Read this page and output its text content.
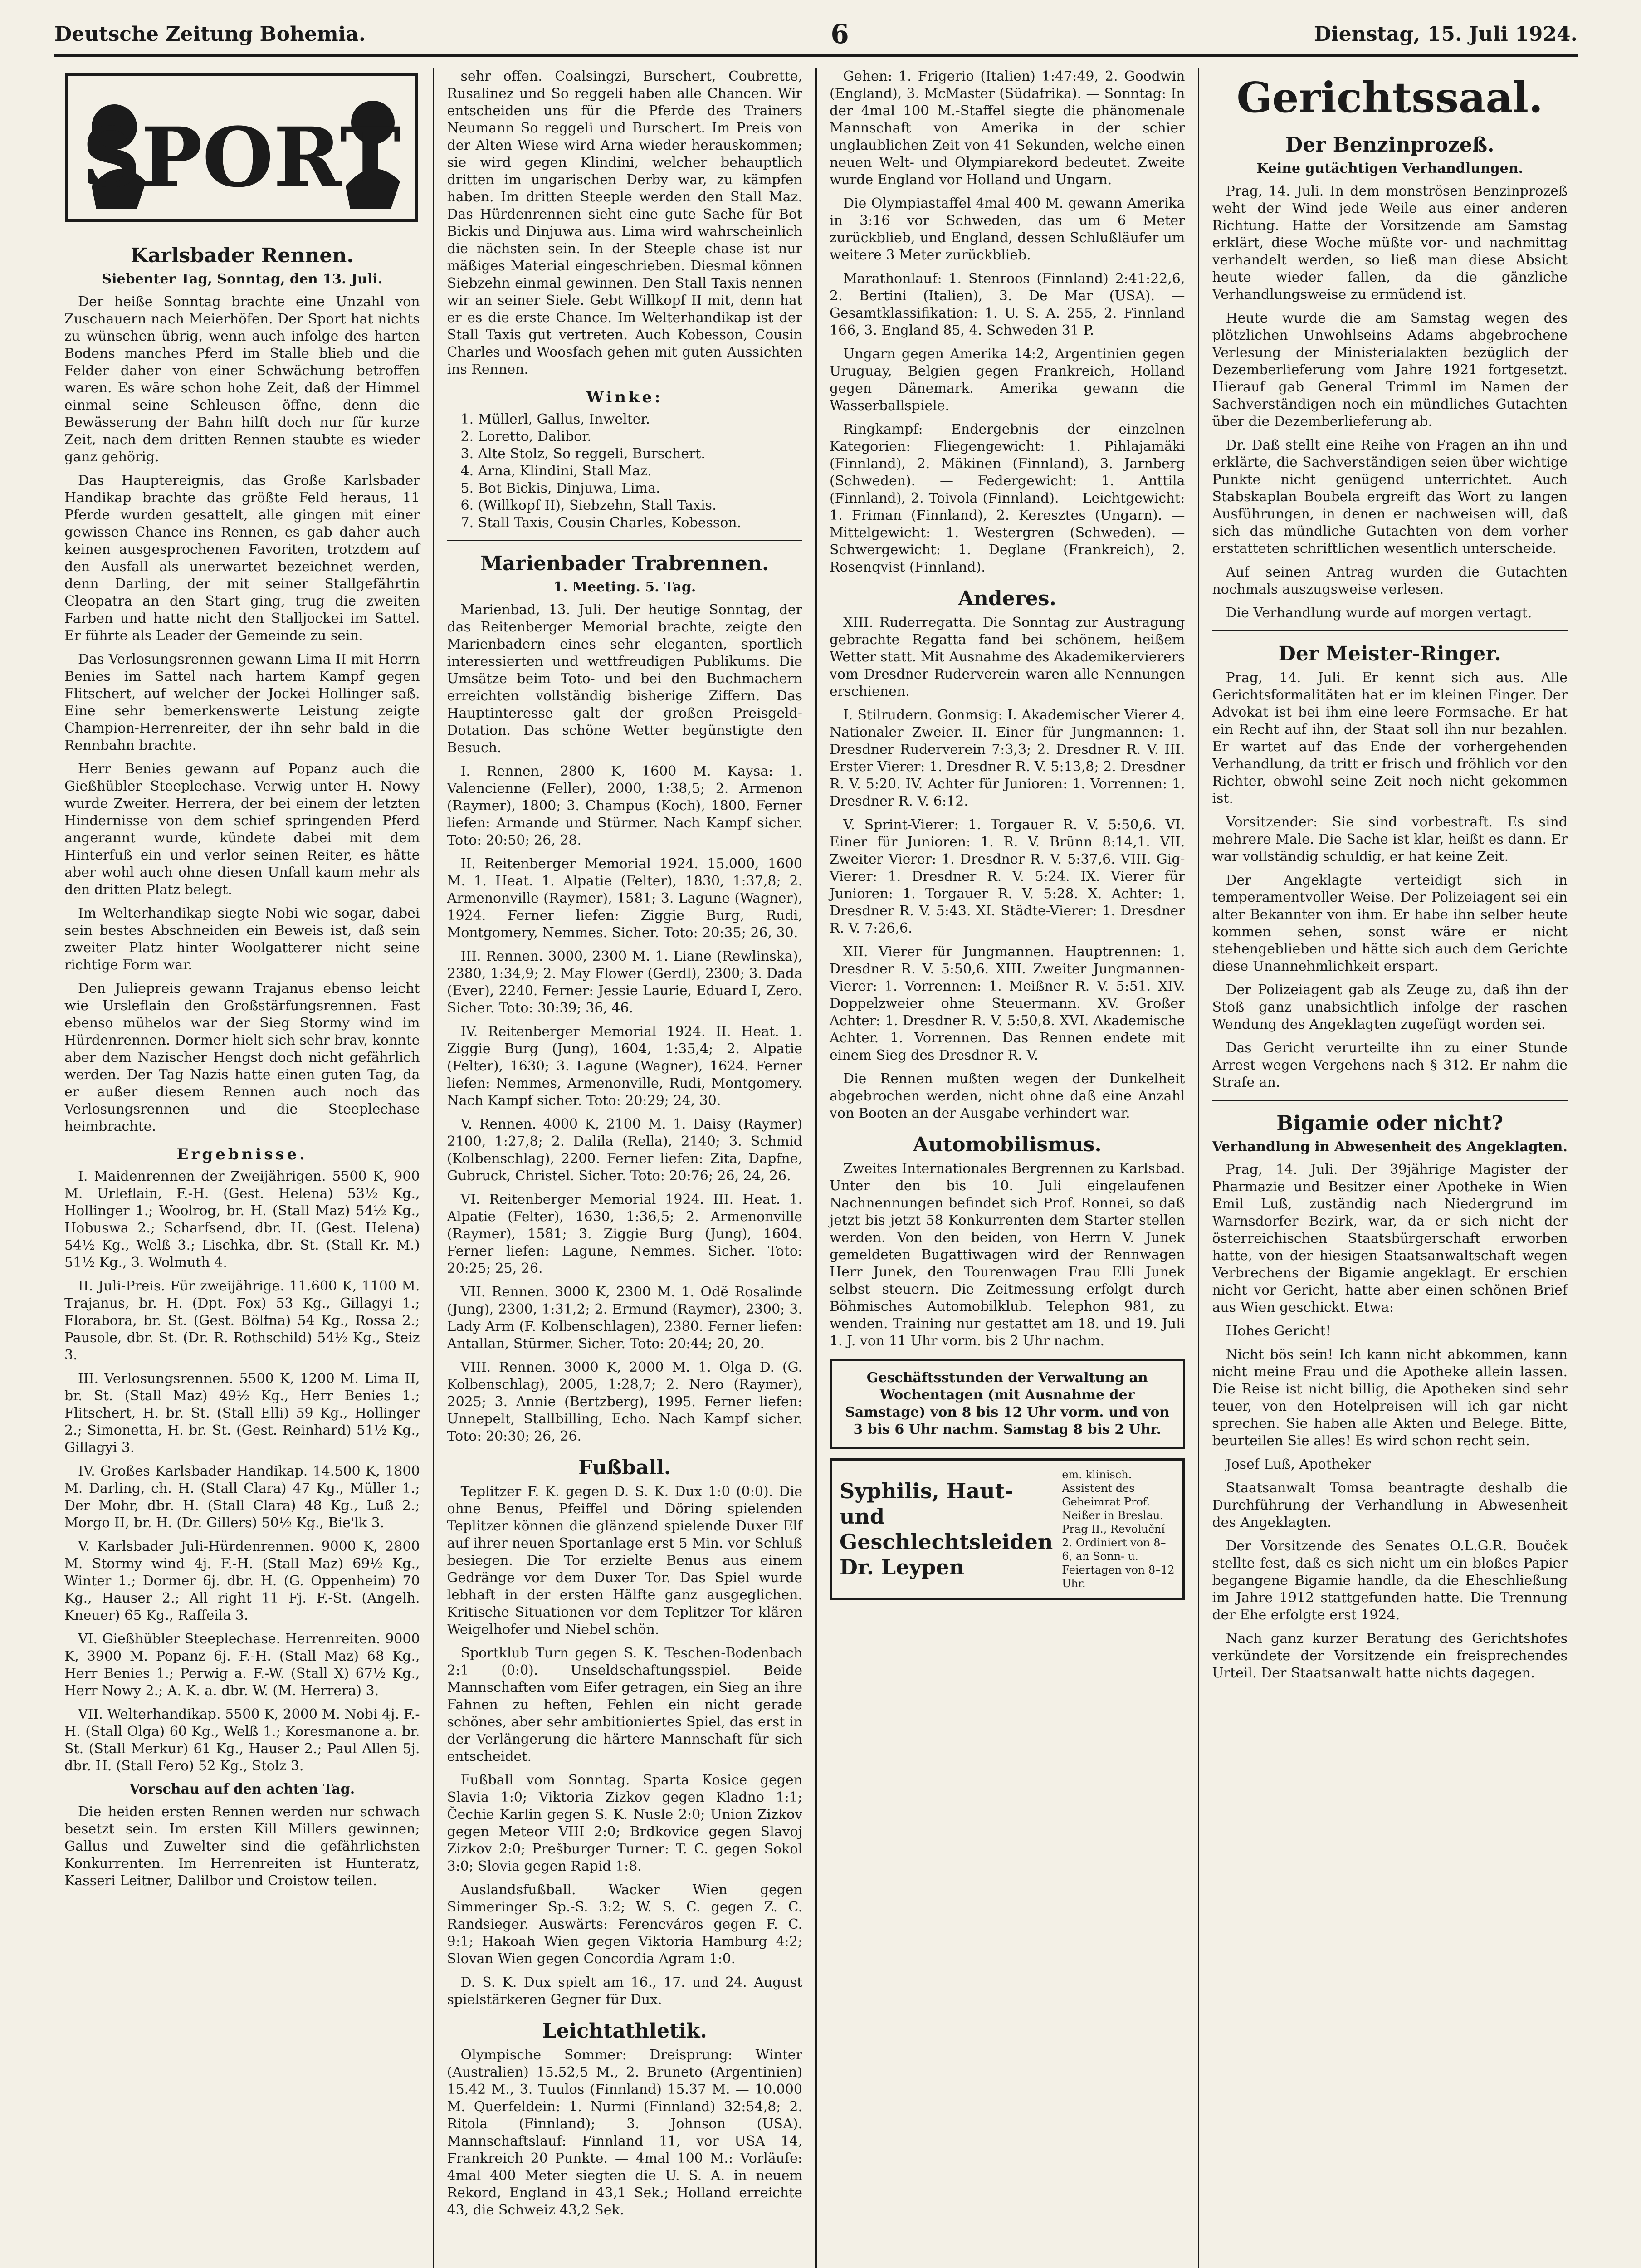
Deutsche Zeitung Bohemia.	6	Dienstag, 15. Juli 1924.
SPORT
Karlsbader Rennen.
Siebenter Tag, Sonntag, den 13. Juli.

Der heiße Sonntag brachte eine Unzahl von Zuschauern nach Meierhöfen. Der Sport hat nichts zu wünschen übrig, wenn auch infolge des harten Bodens manches Pferd im Stalle blieb und die Felder daher von einer Schwächung betroffen waren. Es wäre schon hohe Zeit, daß der Himmel einmal seine Schleusen öffne, denn die Bewässerung der Bahn hilft doch nur für kurze Zeit, nach dem dritten Rennen staubte es wieder ganz gehörig.

Das Hauptereignis, das Große Karlsbader Handikap brachte das größte Feld heraus, 11 Pferde wurden gesattelt, alle gingen mit einer gewissen Chance ins Rennen, es gab daher auch keinen ausgesprochenen Favoriten, trotzdem auf den Ausfall als unerwartet bezeichnet werden, denn Darling, der mit seiner Stallgefährtin Cleopatra an den Start ging, trug die zweiten Farben und hatte nicht den Stalljockei im Sattel. Er führte als Leader der Gemeinde zu sein.

Das Verlosungsrennen gewann Lima II mit Herrn Benies im Sattel nach hartem Kampf gegen Flitschert, auf welcher der Jockei Hollinger saß. Eine sehr bemerkenswerte Leistung zeigte Champion-Herrenreiter, der ihn sehr bald in die Rennbahn brachte.

Herr Benies gewann auf Popanz auch die Gießhübler Steeplechase. Verwig unter H. Nowy wurde Zweiter. Herrera, der bei einem der letzten Hindernisse von dem schief springenden Pferd angerannt wurde, kündete dabei mit dem Hinterfuß ein und verlor seinen Reiter, es hätte aber wohl auch ohne diesen Unfall kaum mehr als den dritten Platz belegt.

Im Welterhandikap siegte Nobi wie sogar, dabei sein bestes Abschneiden ein Beweis ist, daß sein zweiter Platz hinter Woolgatterer nicht seine richtige Form war.

Den Juliepreis gewann Trajanus ebenso leicht wie Ursleflain den Großstärfungsrennen. Fast ebenso mühelos war der Sieg Stormy wind im Hürdenrennen. Dormer hielt sich sehr brav, konnte aber dem Nazischer Hengst doch nicht gefährlich werden. Der Tag Nazis hatte einen guten Tag, da er außer diesem Rennen auch noch das Verlosungsrennen und die Steeplechase heimbrachte.

Ergebnisse.

I. Maidenrennen der Zweijährigen. 5500 K, 900 M. Urleflain, F.-H. (Gest. Helena) 53½ Kg., Hollinger 1.; Woolrog, br. H. (Stall Maz) 54½ Kg., Hobuswa 2.; Scharfsend, dbr. H. (Gest. Helena) 54½ Kg., Welß 3.; Lischka, dbr. St. (Stall Kr. M.) 51½ Kg., 3. Wolmuth 4.

II. Juli-Preis. Für zweijährige. 11.600 K, 1100 M. Trajanus, br. H. (Dpt. Fox) 53 Kg., Gillagyi 1.; Florabora, br. St. (Gest. Bölfna) 54 Kg., Rossa 2.; Pausole, dbr. St. (Dr. R. Rothschild) 54½ Kg., Steiz 3.

III. Verlosungsrennen. 5500 K, 1200 M. Lima II, br. St. (Stall Maz) 49½ Kg., Herr Benies 1.; Flitschert, H. br. St. (Stall Elli) 59 Kg., Hollinger 2.; Simonetta, H. br. St. (Gest. Reinhard) 51½ Kg., Gillagyi 3.

IV. Großes Karlsbader Handikap. 14.500 K, 1800 M. Darling, ch. H. (Stall Clara) 47 Kg., Müller 1.; Der Mohr, dbr. H. (Stall Clara) 48 Kg., Luß 2.; Morgo II, br. H. (Dr. Gillers) 50½ Kg., Bie'lk 3.

V. Karlsbader Juli-Hürdenrennen. 9000 K, 2800 M. Stormy wind 4j. F.-H. (Stall Maz) 69½ Kg., Winter 1.; Dormer 6j. dbr. H. (G. Oppenheim) 70 Kg., Hauser 2.; All right 11 Fj. F.-St. (Angelh. Kneuer) 65 Kg., Raffeila 3.

VI. Gießhübler Steeplechase. Herrenreiten. 9000 K, 3900 M. Popanz 6j. F.-H. (Stall Maz) 68 Kg., Herr Benies 1.; Perwig a. F.-W. (Stall X) 67½ Kg., Herr Nowy 2.; A. K. a. dbr. W. (M. Herrera) 3.

VII. Welterhandikap. 5500 K, 2000 M. Nobi 4j. F.-H. (Stall Olga) 60 Kg., Welß 1.; Koresmanone a. br. St. (Stall Merkur) 61 Kg., Hauser 2.; Paul Allen 5j. dbr. H. (Stall Fero) 52 Kg., Stolz 3.

Vorschau auf den achten Tag.

Die heiden ersten Rennen werden nur schwach besetzt sein. Im ersten Kill Millers gewinnen; Gallus und Zuwelter sind die gefährlichsten Konkurrenten. Im Herrenreiten ist Hunteratz, Kasseri Leitner, Dalilbor und Croistow teilen.

sehr offen. Coalsingzi, Burschert, Coubrette, Rusalinez und So reggeli haben alle Chancen. Wir entscheiden uns für die Pferde des Trainers Neumann So reggeli und Burschert. Im Preis von der Alten Wiese wird Arna wieder herauskommen; sie wird gegen Klindini, welcher behauptlich dritten im ungarischen Derby war, zu kämpfen haben. Im dritten Steeple werden den Stall Maz. Das Hürdenrennen sieht eine gute Sache für Bot Bickis und Dinjuwa aus. Lima wird wahrscheinlich die nächsten sein. In der Steeple chase ist nur mäßiges Material eingeschrieben. Diesmal können Siebzehn einmal gewinnen. Den Stall Taxis nennen wir an seiner Siele. Gebt Willkopf II mit, denn hat er es die erste Chance. Im Welterhandikap ist der Stall Taxis gut vertreten. Auch Kobesson, Cousin Charles und Woosfach gehen mit guten Aussichten ins Rennen.

Winke:
1. Müllerl, Gallus, Inwelter.
2. Loretto, Dalibor.
3. Alte Stolz, So reggeli, Burschert.
4. Arna, Klindini, Stall Maz.
5. Bot Bickis, Dinjuwa, Lima.
6. (Willkopf II), Siebzehn, Stall Taxis.
7. Stall Taxis, Cousin Charles, Kobesson.
Marienbader Trabrennen.
1. Meeting. 5. Tag.

Marienbad, 13. Juli. Der heutige Sonntag, der das Reitenberger Memorial brachte, zeigte den Marienbadern eines sehr eleganten, sportlich interessierten und wettfreudigen Publikums. Die Umsätze beim Toto- und bei den Buchmachern erreichten vollständig bisherige Ziffern. Das Hauptinteresse galt der großen Preisgeld-Dotation. Das schöne Wetter begünstigte den Besuch.

I. Rennen, 2800 K, 1600 M. Kaysa: 1. Valencienne (Feller), 2000, 1:38,5; 2. Armenon (Raymer), 1800; 3. Champus (Koch), 1800. Ferner liefen: Armande und Stürmer. Nach Kampf sicher. Toto: 20:50; 26, 28.

II. Reitenberger Memorial 1924. 15.000, 1600 M. 1. Heat. 1. Alpatie (Felter), 1830, 1:37,8; 2. Armenonville (Raymer), 1581; 3. Lagune (Wagner), 1924. Ferner liefen: Ziggie Burg, Rudi, Montgomery, Nemmes. Sicher. Toto: 20:35; 26, 30.

III. Rennen. 3000, 2300 M. 1. Liane (Rewlinska), 2380, 1:34,9; 2. May Flower (Gerdl), 2300; 3. Dada (Ever), 2240. Ferner: Jessie Laurie, Eduard I, Zero. Sicher. Toto: 30:39; 36, 46.

IV. Reitenberger Memorial 1924. II. Heat. 1. Ziggie Burg (Jung), 1604, 1:35,4; 2. Alpatie (Felter), 1630; 3. Lagune (Wagner), 1624. Ferner liefen: Nemmes, Armenonville, Rudi, Montgomery. Nach Kampf sicher. Toto: 20:29; 24, 30.

V. Rennen. 4000 K, 2100 M. 1. Daisy (Raymer) 2100, 1:27,8; 2. Dalila (Rella), 2140; 3. Schmid (Kolbenschlag), 2200. Ferner liefen: Zita, Dapfne, Gubruck, Christel. Sicher. Toto: 20:76; 26, 24, 26.

VI. Reitenberger Memorial 1924. III. Heat. 1. Alpatie (Felter), 1630, 1:36,5; 2. Armenonville (Raymer), 1581; 3. Ziggie Burg (Jung), 1604. Ferner liefen: Lagune, Nemmes. Sicher. Toto: 20:25; 25, 26.

VII. Rennen. 3000 K, 2300 M. 1. Odë Rosalinde (Jung), 2300, 1:31,2; 2. Ermund (Raymer), 2300; 3. Lady Arm (F. Kolbenschlagen), 2380. Ferner liefen: Antallan, Stürmer. Sicher. Toto: 20:44; 20, 20.

VIII. Rennen. 3000 K, 2000 M. 1. Olga D. (G. Kolbenschlag), 2005, 1:28,7; 2. Nero (Raymer), 2025; 3. Annie (Bertzberg), 1995. Ferner liefen: Unnepelt, Stallbilling, Echo. Nach Kampf sicher. Toto: 20:30; 26, 26.

Fußball.

Teplitzer F. K. gegen D. S. K. Dux 1:0 (0:0). Die ohne Benus, Pfeiffel und Döring spielenden Teplitzer können die glänzend spielende Duxer Elf auf ihrer neuen Sportanlage erst 5 Min. vor Schluß besiegen. Die Tor erzielte Benus aus einem Gedränge vor dem Duxer Tor. Das Spiel wurde lebhaft in der ersten Hälfte ganz ausgeglichen. Kritische Situationen vor dem Teplitzer Tor klären Weigelhofer und Niebel schön.

Sportklub Turn gegen S. K. Teschen-Bodenbach 2:1 (0:0). Unseldschaftungsspiel. Beide Mannschaften vom Eifer getragen, ein Sieg an ihre Fahnen zu heften, Fehlen ein nicht gerade schönes, aber sehr ambitioniertes Spiel, das erst in der Verlängerung die härtere Mannschaft für sich entscheidet.

Fußball vom Sonntag. Sparta Kosice gegen Slavia 1:0; Viktoria Zizkov gegen Kladno 1:1; Čechie Karlin gegen S. K. Nusle 2:0; Union Zizkov gegen Meteor VIII 2:0; Brdkovice gegen Slavoj Zizkov 2:0; Prešburger Turner: T. C. gegen Sokol 3:0; Slovia gegen Rapid 1:8.

Auslandsfußball. Wacker Wien gegen Simmeringer Sp.-S. 3:2; W. S. C. gegen Z. C. Randsieger. Auswärts: Ferencváros gegen F. C. 9:1; Hakoah Wien gegen Viktoria Hamburg 4:2; Slovan Wien gegen Concordia Agram 1:0.

D. S. K. Dux spielt am 16., 17. und 24. August spielstärkeren Gegner für Dux.

Leichtathletik.

Olympische Sommer: Dreisprung: Winter (Australien) 15.52,5 M., 2. Bruneto (Argentinien) 15.42 M., 3. Tuulos (Finnland) 15.37 M. — 10.000 M. Querfeldein: 1. Nurmi (Finnland) 32:54,8; 2. Ritola (Finnland); 3. Johnson (USA). Mannschaftslauf: Finnland 11, vor USA 14, Frankreich 20 Punkte. — 4mal 100 M.: Vorläufe: 4mal 400 Meter siegten die U. S. A. in neuem Rekord, England in 43,1 Sek.; Holland erreichte 43, die Schweiz 43,2 Sek.

Gehen: 1. Frigerio (Italien) 1:47:49, 2. Goodwin (England), 3. McMaster (Südafrika). — Sonntag: In der 4mal 100 M.-Staffel siegte die phänomenale Mannschaft von Amerika in der schier unglaublichen Zeit von 41 Sekunden, welche einen neuen Welt- und Olympiarekord bedeutet. Zweite wurde England vor Holland und Ungarn.

Die Olympiastaffel 4mal 400 M. gewann Amerika in 3:16 vor Schweden, das um 6 Meter zurückblieb, und England, dessen Schlußläufer um weitere 3 Meter zurückblieb.

Marathonlauf: 1. Stenroos (Finnland) 2:41:22,6, 2. Bertini (Italien), 3. De Mar (USA). — Gesamtklassifikation: 1. U. S. A. 255, 2. Finnland 166, 3. England 85, 4. Schweden 31 P.

Ungarn gegen Amerika 14:2, Argentinien gegen Uruguay, Belgien gegen Frankreich, Holland gegen Dänemark. Amerika gewann die Wasserballspiele.

Ringkampf: Endergebnis der einzelnen Kategorien: Fliegengewicht: 1. Pihlajamäki (Finnland), 2. Mäkinen (Finnland), 3. Jarnberg (Schweden). — Federgewicht: 1. Anttila (Finnland), 2. Toivola (Finnland). — Leichtgewicht: 1. Friman (Finnland), 2. Keresztes (Ungarn). — Mittelgewicht: 1. Westergren (Schweden). — Schwergewicht: 1. Deglane (Frankreich), 2. Rosenqvist (Finnland).

Anderes.

XIII. Ruderregatta. Die Sonntag zur Austragung gebrachte Regatta fand bei schönem, heißem Wetter statt. Mit Ausnahme des Akademikervierers vom Dresdner Ruderverein waren alle Nennungen erschienen.

I. Stilrudern. Gonmsig: I. Akademischer Vierer 4. Nationaler Zweier. II. Einer für Jungmannen: 1. Dresdner Ruderverein 7:3,3; 2. Dresdner R. V. III. Erster Vierer: 1. Dresdner R. V. 5:13,8; 2. Dresdner R. V. 5:20. IV. Achter für Junioren: 1. Vorrennen: 1. Dresdner R. V. 6:12.

V. Sprint-Vierer: 1. Torgauer R. V. 5:50,6. VI. Einer für Junioren: 1. R. V. Brünn 8:14,1. VII. Zweiter Vierer: 1. Dresdner R. V. 5:37,6. VIII. Gig-Vierer: 1. Dresdner R. V. 5:24. IX. Vierer für Junioren: 1. Torgauer R. V. 5:28. X. Achter: 1. Dresdner R. V. 5:43. XI. Städte-Vierer: 1. Dresdner R. V. 7:26,6.

XII. Vierer für Jungmannen. Hauptrennen: 1. Dresdner R. V. 5:50,6. XIII. Zweiter Jungmannen-Vierer: 1. Vorrennen: 1. Meißner R. V. 5:51. XIV. Doppelzweier ohne Steuermann. XV. Großer Achter: 1. Dresdner R. V. 5:50,8. XVI. Akademische Achter. 1. Vorrennen. Das Rennen endete mit einem Sieg des Dresdner R. V.

Die Rennen mußten wegen der Dunkelheit abgebrochen werden, nicht ohne daß eine Anzahl von Booten an der Ausgabe verhindert war.

Automobilismus.

Zweites Internationales Bergrennen zu Karlsbad. Unter den bis 10. Juli eingelaufenen Nachnennungen befindet sich Prof. Ronnei, so daß jetzt bis jetzt 58 Konkurrenten dem Starter stellen werden. Von den beiden, von Herrn V. Junek gemeldeten Bugattiwagen wird der Rennwagen Herr Junek, den Tourenwagen Frau Elli Junek selbst steuern. Die Zeitmessung erfolgt durch Böhmisches Automobilklub. Telephon 981, zu wenden. Training nur gestattet am 18. und 19. Juli 1. J. von 11 Uhr vorm. bis 2 Uhr nachm.

Geschäftsstunden der Verwaltung an Wochentagen (mit Ausnahme der Samstage) von 8 bis 12 Uhr vorm. und von 3 bis 6 Uhr nachm. Samstag 8 bis 2 Uhr.
Syphilis, Haut- und Geschlechtsleiden Dr. Leypen
em. klinisch. Assistent des Geheimrat Prof. Neißer in Breslau. Prag II., Revoluční 2. Ordiniert von 8–6, an Sonn- u. Feiertagen von 8–12 Uhr.
Gerichtssaal.
Der Benzinprozeß.
Keine gutächtigen Verhandlungen.

Prag, 14. Juli. In dem monströsen Benzinprozeß weht der Wind jede Weile aus einer anderen Richtung. Hatte der Vorsitzende am Samstag erklärt, diese Woche müßte vor- und nachmittag verhandelt werden, so ließ man diese Absicht heute wieder fallen, da die gänzliche Verhandlungsweise zu ermüdend ist.

Heute wurde die am Samstag wegen des plötzlichen Unwohlseins Adams abgebrochene Verlesung der Ministerialakten bezüglich der Dezemberlieferung vom Jahre 1921 fortgesetzt. Hierauf gab General Trimml im Namen der Sachverständigen noch ein mündliches Gutachten über die Dezemberlieferung ab.

Dr. Daß stellt eine Reihe von Fragen an ihn und erklärte, die Sachverständigen seien über wichtige Punkte nicht genügend unterrichtet. Auch Stabskaplan Boubela ergreift das Wort zu langen Ausführungen, in denen er nachweisen will, daß sich das mündliche Gutachten von dem vorher erstatteten schriftlichen wesentlich unterscheide.

Auf seinen Antrag wurden die Gutachten nochmals auszugsweise verlesen.

Die Verhandlung wurde auf morgen vertagt.

Der Meister-Ringer.

Prag, 14. Juli. Er kennt sich aus. Alle Gerichtsformalitäten hat er im kleinen Finger. Der Advokat ist bei ihm eine leere Formsache. Er hat ein Recht auf ihn, der Staat soll ihn nur bezahlen. Er wartet auf das Ende der vorhergehenden Verhandlung, da tritt er frisch und fröhlich vor den Richter, obwohl seine Zeit noch nicht gekommen ist.

Vorsitzender: Sie sind vorbestraft. Es sind mehrere Male. Die Sache ist klar, heißt es dann. Er war vollständig schuldig, er hat keine Zeit.

Der Angeklagte verteidigt sich in temperamentvoller Weise. Der Polizeiagent sei ein alter Bekannter von ihm. Er habe ihn selber heute kommen sehen, sonst wäre er nicht stehengeblieben und hätte sich auch dem Gerichte diese Unannehmlichkeit erspart.

Der Polizeiagent gab als Zeuge zu, daß ihn der Stoß ganz unabsichtlich infolge der raschen Wendung des Angeklagten zugefügt worden sei.

Das Gericht verurteilte ihn zu einer Stunde Arrest wegen Vergehens nach § 312. Er nahm die Strafe an.

Bigamie oder nicht?
Verhandlung in Abwesenheit des Angeklagten.

Prag, 14. Juli. Der 39jährige Magister der Pharmazie und Besitzer einer Apotheke in Wien Emil Luß, zuständig nach Niedergrund im Warnsdorfer Bezirk, war, da er sich nicht der österreichischen Staatsbürgerschaft erworben hatte, von der hiesigen Staatsanwaltschaft wegen Verbrechens der Bigamie angeklagt. Er erschien nicht vor Gericht, hatte aber einen schönen Brief aus Wien geschickt. Etwa:

Hohes Gericht!

Nicht bös sein! Ich kann nicht abkommen, kann nicht meine Frau und die Apotheke allein lassen. Die Reise ist nicht billig, die Apotheken sind sehr teuer, von den Hotelpreisen will ich gar nicht sprechen. Sie haben alle Akten und Belege. Bitte, beurteilen Sie alles! Es wird schon recht sein.

Josef Luß, Apotheker

Staatsanwalt Tomsa beantragte deshalb die Durchführung der Verhandlung in Abwesenheit des Angeklagten.

Der Vorsitzende des Senates O.L.G.R. Bouček stellte fest, daß es sich nicht um ein bloßes Papier begangene Bigamie handle, da die Eheschließung im Jahre 1912 stattgefunden hatte. Die Trennung der Ehe erfolgte erst 1924.

Nach ganz kurzer Beratung des Gerichtshofes verkündete der Vorsitzende ein freisprechendes Urteil. Der Staatsanwalt hatte nichts dagegen.
